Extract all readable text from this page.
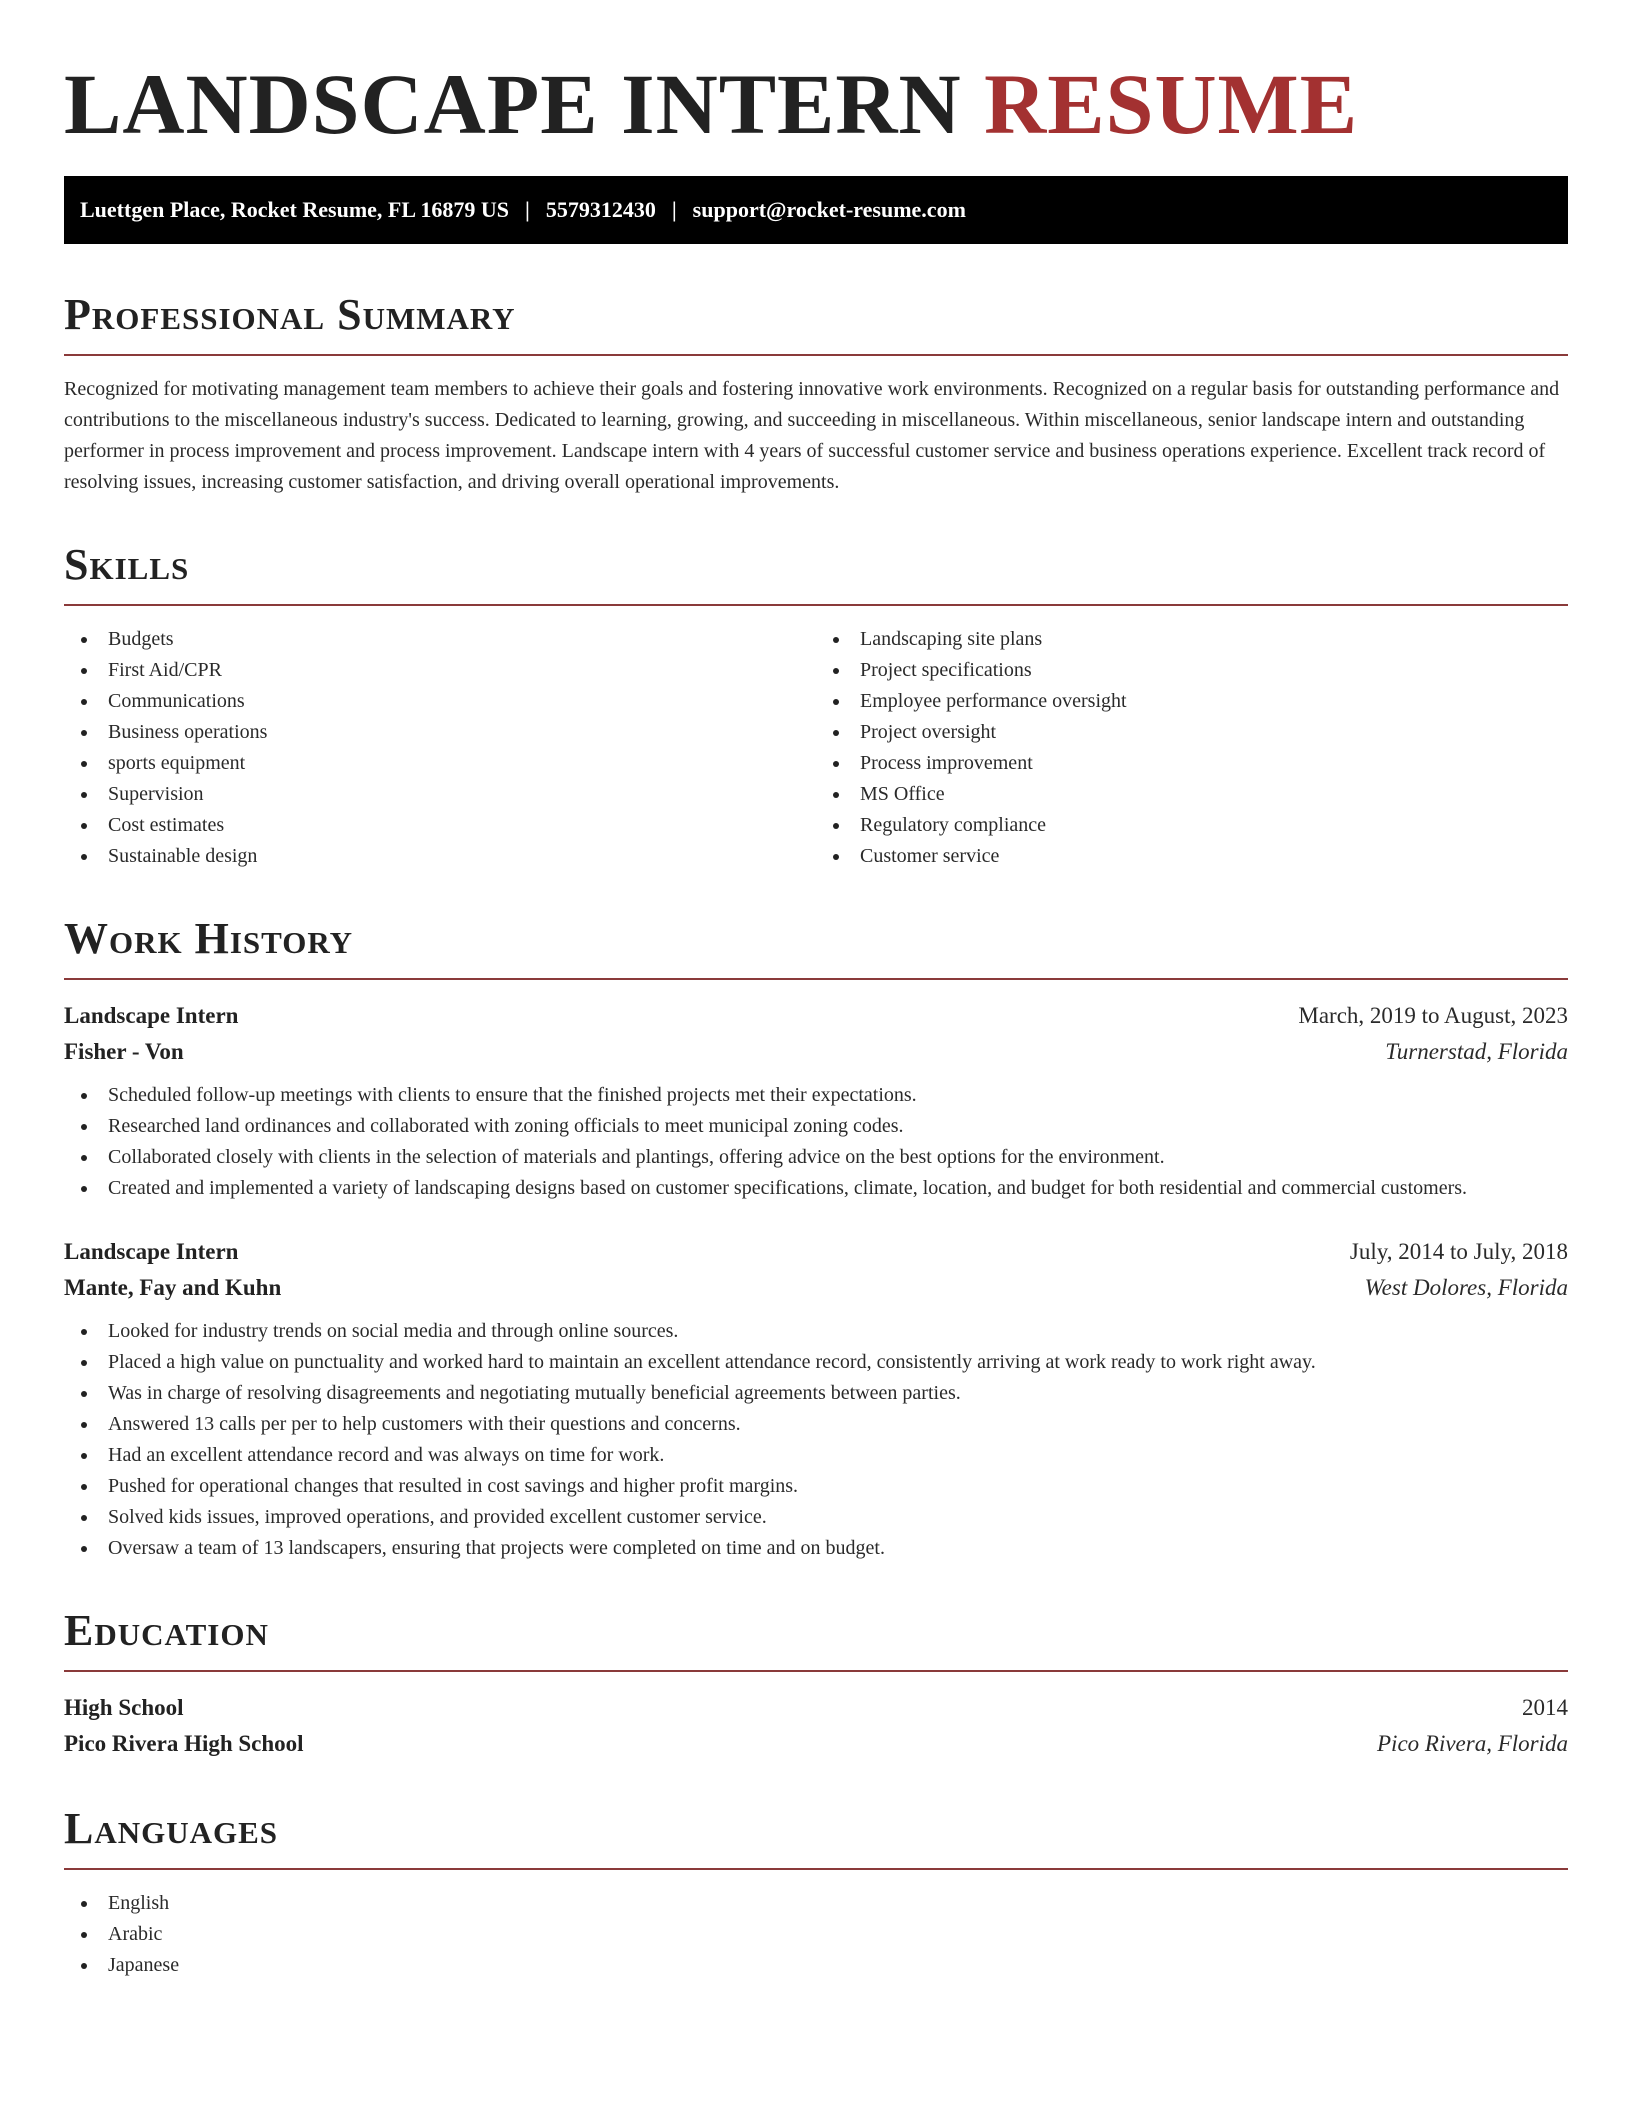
LANDSCAPE INTERN RESUME
Luettgen Place, Rocket Resume, FL 16879 US | 5579312430 | support@rocket-resume.com
Professional Summary

Recognized for motivating management team members to achieve their goals and fostering innovative work environments. Recognized on a regular basis for outstanding performance and contributions to the miscellaneous industry's success. Dedicated to learning, growing, and succeeding in miscellaneous. Within miscellaneous, senior landscape intern and outstanding performer in process improvement and process improvement. Landscape intern with 4 years of successful customer service and business operations experience. Excellent track record of resolving issues, increasing customer satisfaction, and driving overall operational improvements.

Skills
Budgets
First Aid/CPR
Communications
Business operations
sports equipment
Supervision
Cost estimates
Sustainable design
Landscaping site plans
Project specifications
Employee performance oversight
Project oversight
Process improvement
MS Office
Regulatory compliance
Customer service
Work History
Landscape Intern	March, 2019 to August, 2023
Fisher - Von	Turnerstad, Florida
Scheduled follow-up meetings with clients to ensure that the finished projects met their expectations.
Researched land ordinances and collaborated with zoning officials to meet municipal zoning codes.
Collaborated closely with clients in the selection of materials and plantings, offering advice on the best options for the environment.
Created and implemented a variety of landscaping designs based on customer specifications, climate, location, and budget for both residential and commercial customers.
Landscape Intern	July, 2014 to July, 2018
Mante, Fay and Kuhn	West Dolores, Florida
Looked for industry trends on social media and through online sources.
Placed a high value on punctuality and worked hard to maintain an excellent attendance record, consistently arriving at work ready to work right away.
Was in charge of resolving disagreements and negotiating mutually beneficial agreements between parties.
Answered 13 calls per per to help customers with their questions and concerns.
Had an excellent attendance record and was always on time for work.
Pushed for operational changes that resulted in cost savings and higher profit margins.
Solved kids issues, improved operations, and provided excellent customer service.
Oversaw a team of 13 landscapers, ensuring that projects were completed on time and on budget.
Education
High School	2014
Pico Rivera High School	Pico Rivera, Florida
Languages
English
Arabic
Japanese
